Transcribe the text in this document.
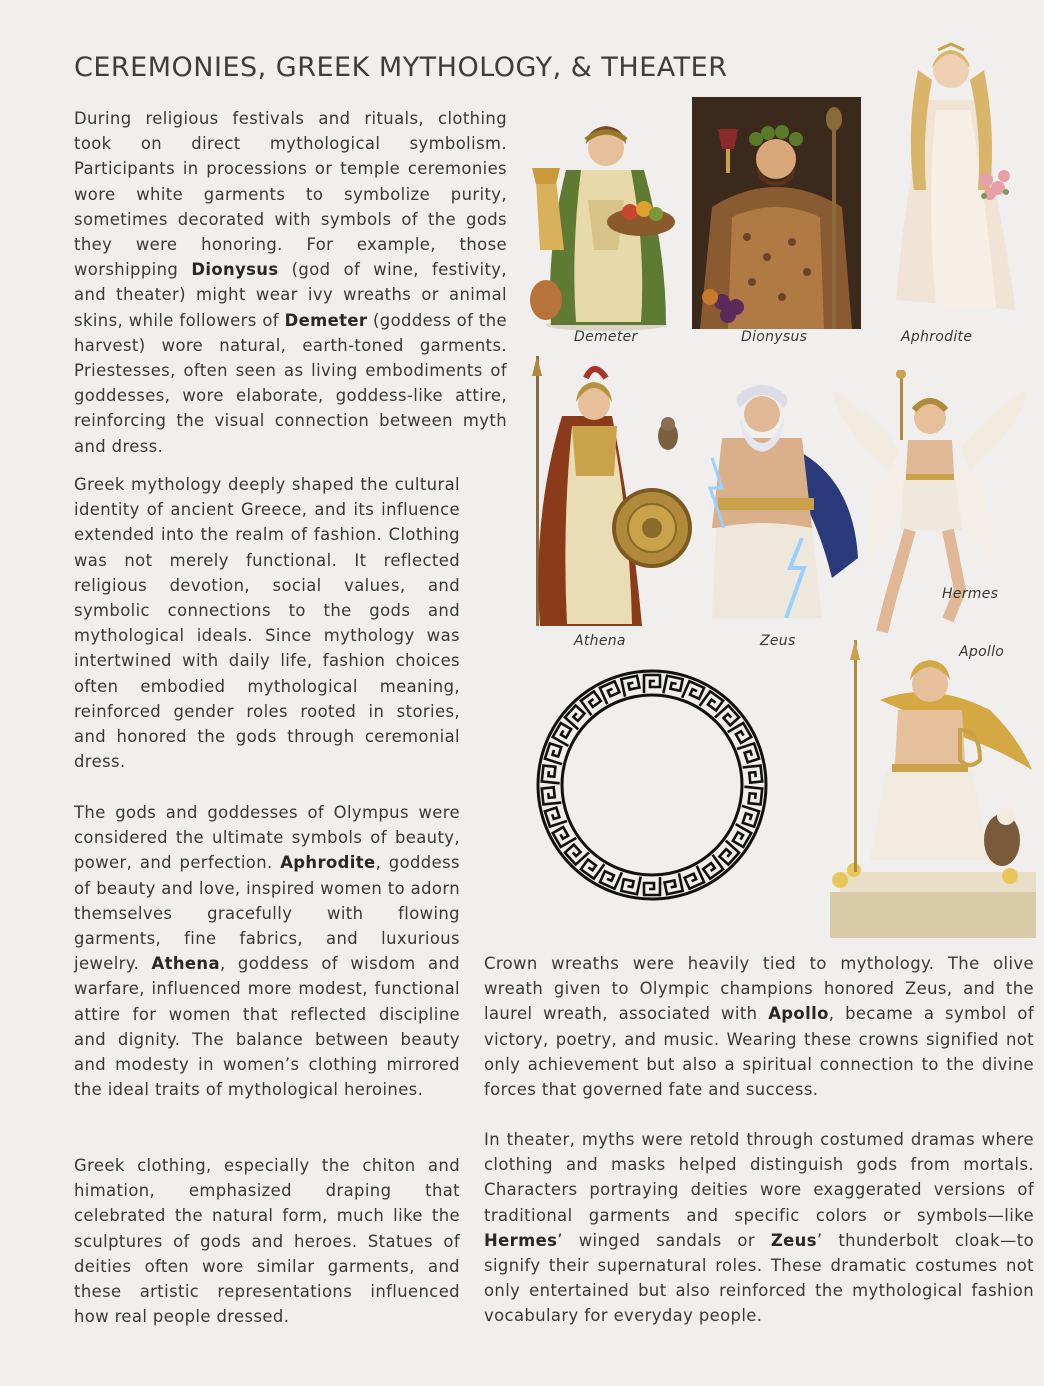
CEREMONIES, GREEK MYTHOLOGY, & THEATER

During religious festivals and rituals, clothing took on direct mythological symbolism. Participants in processions or temple ceremonies wore white garments to symbolize purity, sometimes decorated with symbols of the gods they were honoring. For example, those worshipping Dionysus (god of wine, festivity, and theater) might wear ivy wreaths or animal skins, while followers of Demeter (goddess of the harvest) wore natural, earth-toned garments. Priestesses, often seen as living embodiments of goddesses, wore elaborate, goddess-like attire, reinforcing the visual connection between myth and dress.

Greek mythology deeply shaped the cultural identity of ancient Greece, and its influence extended into the realm of fashion. Clothing was not merely functional. It reflected religious devotion, social values, and symbolic connections to the gods and mythological ideals. Since mythology was intertwined with daily life, fashion choices often embodied mythological meaning, reinforced gender roles rooted in stories, and honored the gods through ceremonial dress.

The gods and goddesses of Olympus were considered the ultimate symbols of beauty, power, and perfection. Aphrodite, goddess of beauty and love, inspired women to adorn themselves gracefully with flowing garments, fine fabrics, and luxurious jewelry. Athena, goddess of wisdom and warfare, influenced more modest, functional attire for women that reflected discipline and dignity. The balance between beauty and modesty in women’s clothing mirrored the ideal traits of mythological heroines.

Greek clothing, especially the chiton and himation, emphasized draping that celebrated the natural form, much like the sculptures of gods and heroes. Statues of deities often wore similar garments, and these artistic representations influenced how real people dressed.

Crown wreaths were heavily tied to mythology. The olive wreath given to Olympic champions honored Zeus, and the laurel wreath, associated with Apollo, became a symbol of victory, poetry, and music. Wearing these crowns signified not only achievement but also a spiritual connection to the divine forces that governed fate and success.

In theater, myths were retold through costumed dramas where clothing and masks helped distinguish gods from mortals. Characters portraying deities wore exaggerated versions of traditional garments and specific colors or symbols—like Hermes’ winged sandals or Zeus’ thunderbolt cloak—to signify their supernatural roles. These dramatic costumes not only entertained but also reinforced the mythological fashion vocabulary for everyday people.

Demeter	Dionysus	Aphrodite
Athena	Zeus
Hermes
Apollo
